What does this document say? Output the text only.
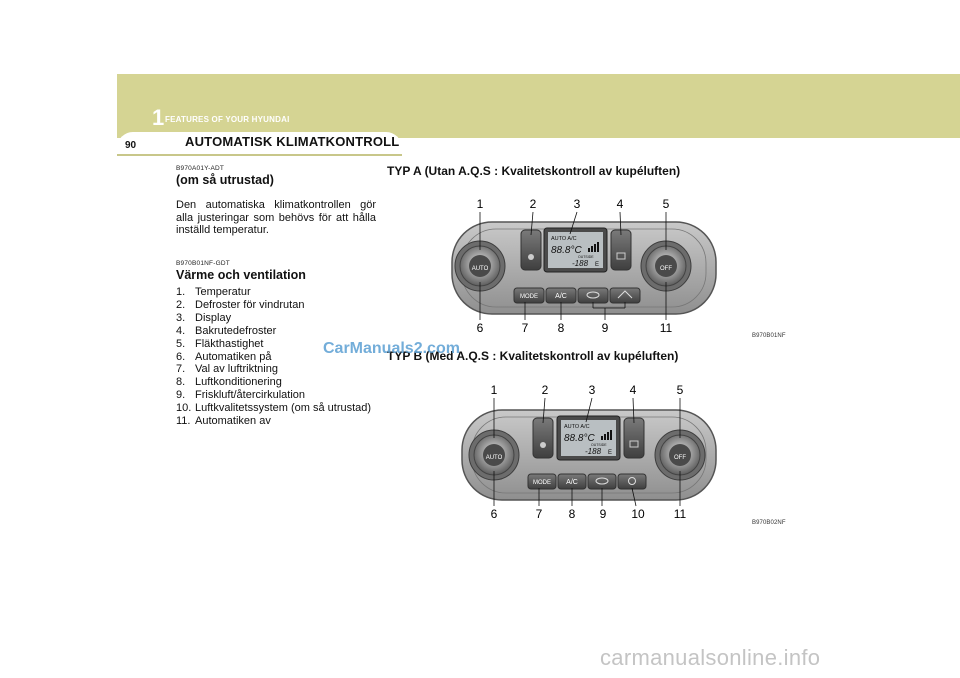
1 FEATURES OF YOUR HYUNDAI
90	AUTOMATISK KLIMATKONTROLL
B970A01Y-ADT
(om så utrustad)
Den automatiska klimatkontrollen gör alla justeringar som behövs för att hålla inställd temperatur.
B970B01NF-GDT
Värme och ventilation
1. Temperatur
2. Defroster för vindrutan
3. Display
4. Bakrutedefroster
5. Fläkthastighet
6. Automatiken på
7. Val av luftriktning
8. Luftkonditionering
9. Friskluft/återcirkulation
10. Luftkvalitetssystem (om så utrustad)
11. Automatiken av
TYP A (Utan A.Q.S : Kvalitetskontroll av kupéluften)
TYP B (Med A.Q.S : Kvalitetskontroll av kupéluften)
CarManuals2.com
1	2	3	4	5
AUTO	OFF
AUTO A/C
88.8°C
OUTSIDE
-188 E
MODE A/C
6	7 8	9	11
B970B01NF
1	2	3	4	5
AUTO	OFF
AUTO A/C
88.8°C
OUTSIDE
-188 E
MODE A/C
6	7 8 9 10 11
B970B02NF
carmanualsonline.info
